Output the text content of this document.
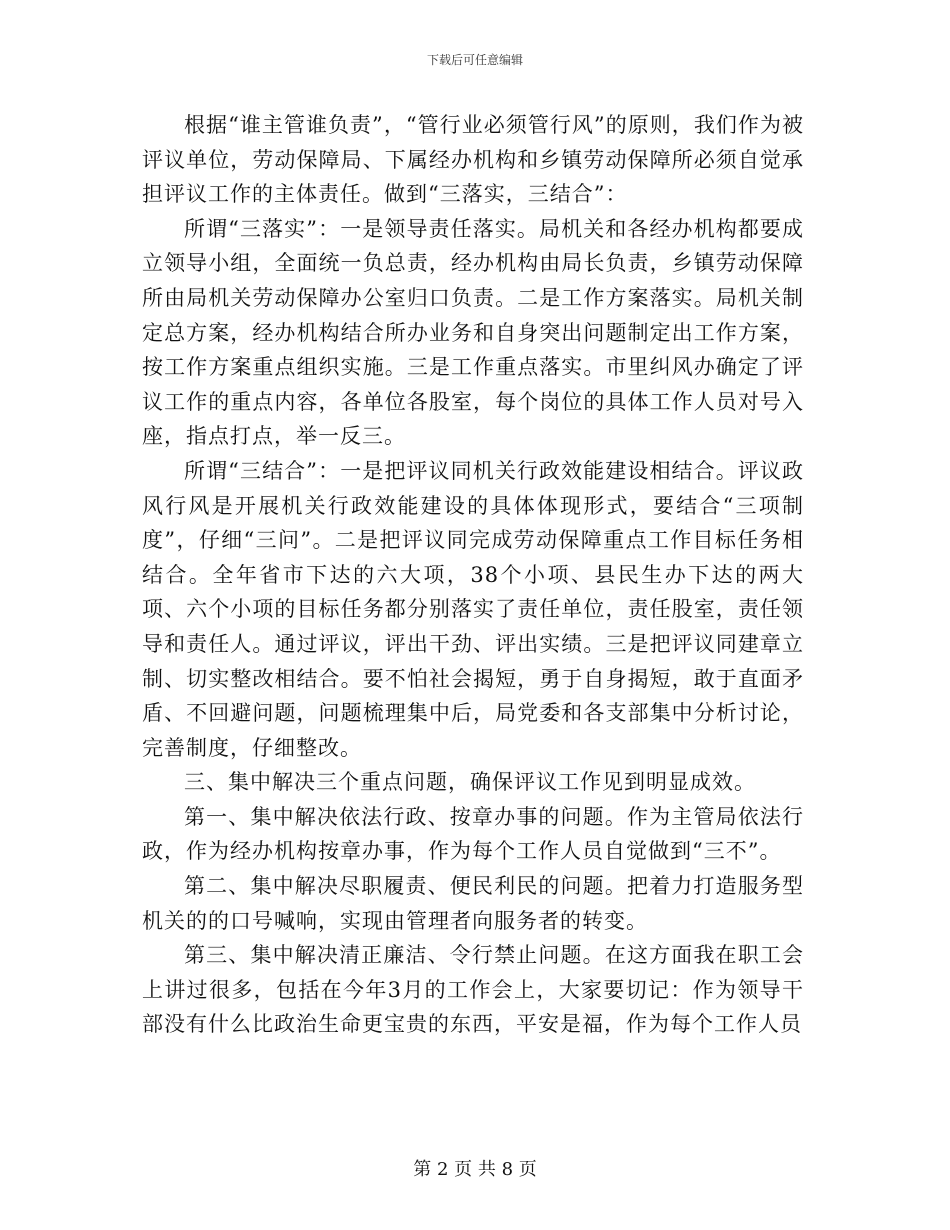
下载后可任意编辑

根据“谁主管谁负责”，“管行业必须管行风”的原则，我们作为被评议单位，劳动保障局、下属经办机构和乡镇劳动保障所必须自觉承担评议工作的主体责任。做到“三落实，三结合”：

所谓“三落实”：一是领导责任落实。局机关和各经办机构都要成立领导小组，全面统一负总责，经办机构由局长负责，乡镇劳动保障所由局机关劳动保障办公室归口负责。二是工作方案落实。局机关制定总方案，经办机构结合所办业务和自身突出问题制定出工作方案，按工作方案重点组织实施。三是工作重点落实。市里纠风办确定了评议工作的重点内容，各单位各股室，每个岗位的具体工作人员对号入座，指点打点，举一反三。

所谓“三结合”：一是把评议同机关行政效能建设相结合。评议政风行风是开展机关行政效能建设的具体体现形式，要结合“三项制度”，仔细“三问”。二是把评议同完成劳动保障重点工作目标任务相结合。全年省市下达的六大项，38个小项、县民生办下达的两大项、六个小项的目标任务都分别落实了责任单位，责任股室，责任领导和责任人。通过评议，评出干劲、评出实绩。三是把评议同建章立制、切实整改相结合。要不怕社会揭短，勇于自身揭短，敢于直面矛盾、不回避问题，问题梳理集中后，局党委和各支部集中分析讨论，完善制度，仔细整改。

三、集中解决三个重点问题，确保评议工作见到明显成效。

第一、集中解决依法行政、按章办事的问题。作为主管局依法行政，作为经办机构按章办事，作为每个工作人员自觉做到“三不”。

第二、集中解决尽职履责、便民利民的问题。把着力打造服务型机关的的口号喊响，实现由管理者向服务者的转变。

第三、集中解决清正廉洁、令行禁止问题。在这方面我在职工会上讲过很多，包括在今年3月的工作会上，大家要切记：作为领导干部没有什么比政治生命更宝贵的东西，平安是福，作为每个工作人员

第 2 页 共 8 页
